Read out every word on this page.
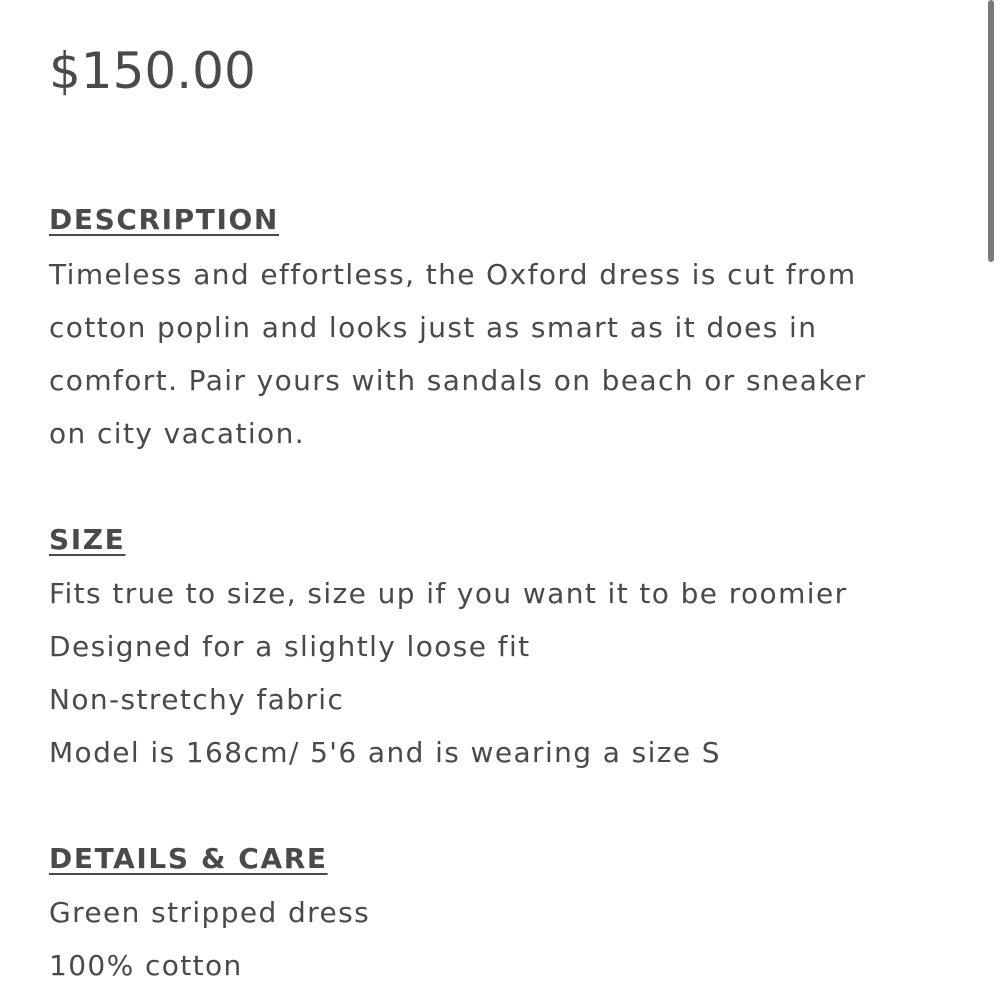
$150.00
DESCRIPTION
Timeless and effortless, the Oxford dress is cut from
cotton poplin and looks just as smart as it does in
comfort. Pair yours with sandals on beach or sneaker
on city vacation.
SIZE
Fits true to size, size up if you want it to be roomier
Designed for a slightly loose fit
Non-stretchy fabric
Model is 168cm/ 5'6 and is wearing a size S
DETAILS & CARE
Green stripped dress
100% cotton
